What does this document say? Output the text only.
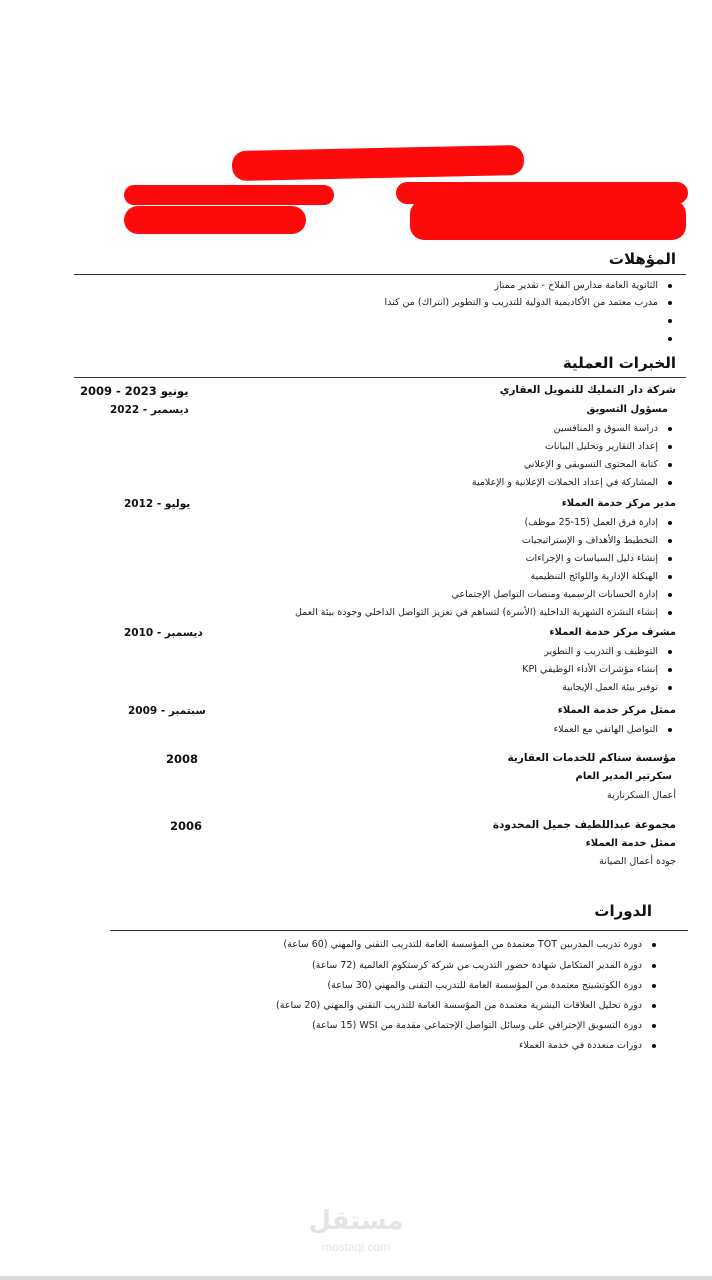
المؤهلات
الثانوية العامة مدارس الفلاح - تقدير ممتاز
مدرب معتمد من الأكاديمية الدولية للتدريب و التطوير (انتراك) من كندا
الخبرات العملية
شركة دار التمليك للتمويل العقاري
2009 - 2023 يونيو
مسؤول التسويق
ديسمبر - 2022
دراسة السوق و المنافسين
إعداد التقارير وتحليل البيانات
كتابة المحتوى التسويقي و الإعلاني
المشاركة في إعداد الحملات الإعلانية و الإعلامية
مدير مركز خدمة العملاء
يوليو - 2012
إدارة فرق العمل (15-25 موظف)
التخطيط والأهداف و الإستراتيجيات
إنشاء دليل السياسات و الإجراءات
الهيكلة الإدارية واللوائح التنظيمية
إدارة الحسابات الرسمية ومنصات التواصل الإجتماعي
إنشاء النشرة الشهرية الداخلية (الأسرة) لتساهم في تعزيز التواصل الداخلي وجودة بيئة العمل
مشرف مركز خدمة العملاء
ديسمبر - 2010
التوظيف و التدريب و التطوير
إنشاء مؤشرات الأداء الوظيفي KPI
توفير بيئة العمل الإيجابية
ممثل مركز خدمة العملاء
سبتمبر - 2009
التواصل الهاتفي مع العملاء
مؤسسة سناكم للخدمات العقارية
2008
سكرتير المدير العام
أعمال السكرتارية
مجموعة عبداللطيف جميل المحدودة
2006
ممثل خدمة العملاء
جودة أعمال الصيانة
الدورات
دورة تدريب المدربين TOT معتمدة من المؤسسة العامة للتدريب التقني والمهني (60 ساعة)
دورة المدير المتكامل شهادة حضور التدريب من شركة كرستكوم العالمية (72 ساعة)
دورة الكوتشينج معتمدة من المؤسسة العامة للتدريب التقنى والمهني (30 ساعة)
دورة تحليل العلاقات البشرية معتمدة من المؤسسة العامة للتدريب التقني والمهني (20 ساعة)
دورة التسويق الإحترافي على وسائل التواصل الإجتماعي مقدمة من WSI (15 ساعة)
دورات متعددة في خدمة العملاء
مستقل
mostaql.com
